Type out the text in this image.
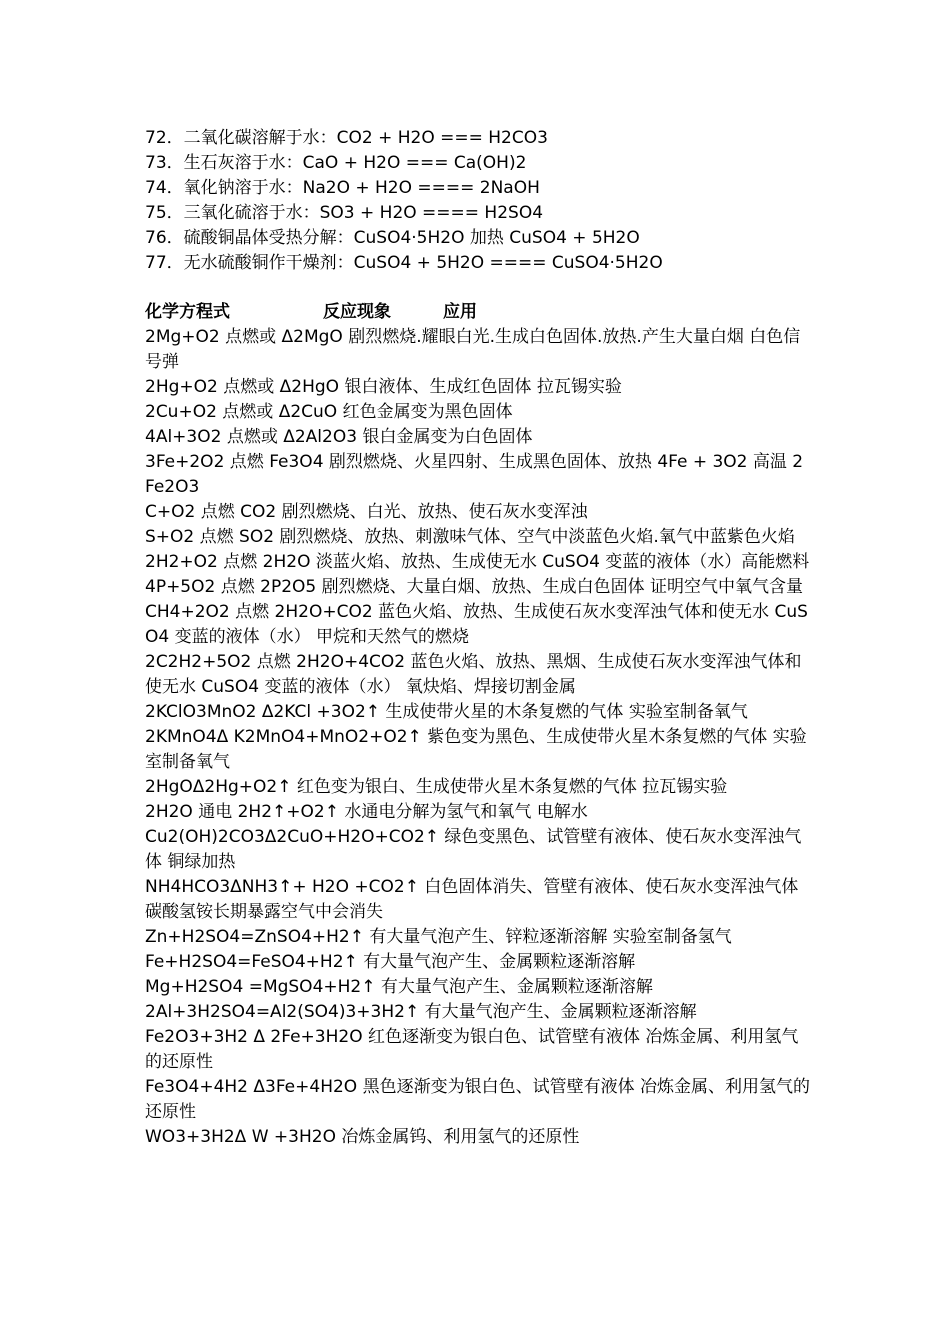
72．二氧化碳溶解于水：CO2 + H2O === H2CO3
73．生石灰溶于水：CaO + H2O === Ca(OH)2
74．氧化钠溶于水：Na2O + H2O ==== 2NaOH
75．三氧化硫溶于水：SO3 + H2O ==== H2SO4
76．硫酸铜晶体受热分解：CuSO4·5H2O 加热 CuSO4 + 5H2O
77．无水硫酸铜作干燥剂：CuSO4 + 5H2O ==== CuSO4·5H2O
化学方程式	反应现象	应用
2Mg+O2 点燃或 Δ2MgO 剧烈燃烧.耀眼白光.生成白色固体.放热.产生大量白烟 白色信号弹
2Hg+O2 点燃或 Δ2HgO 银白液体、生成红色固体 拉瓦锡实验
2Cu+O2 点燃或 Δ2CuO 红色金属变为黑色固体
4Al+3O2 点燃或 Δ2Al2O3 银白金属变为白色固体
3Fe+2O2 点燃 Fe3O4 剧烈燃烧、火星四射、生成黑色固体、放热 4Fe + 3O2 高温 2Fe2O3
C+O2 点燃 CO2 剧烈燃烧、白光、放热、使石灰水变浑浊
S+O2 点燃 SO2 剧烈燃烧、放热、刺激味气体、空气中淡蓝色火焰.氧气中蓝紫色火焰
2H2+O2 点燃 2H2O 淡蓝火焰、放热、生成使无水 CuSO4 变蓝的液体（水）高能燃料
4P+5O2 点燃 2P2O5 剧烈燃烧、大量白烟、放热、生成白色固体 证明空气中氧气含量
CH4+2O2 点燃 2H2O+CO2 蓝色火焰、放热、生成使石灰水变浑浊气体和使无水 CuSO4 变蓝的液体（水） 甲烷和天然气的燃烧
2C2H2+5O2 点燃 2H2O+4CO2 蓝色火焰、放热、黑烟、生成使石灰水变浑浊气体和使无水 CuSO4 变蓝的液体（水） 氧炔焰、焊接切割金属
2KClO3MnO2 Δ2KCl +3O2↑ 生成使带火星的木条复燃的气体 实验室制备氧气
2KMnO4Δ K2MnO4+MnO2+O2↑ 紫色变为黑色、生成使带火星木条复燃的气体 实验室制备氧气
2HgOΔ2Hg+O2↑ 红色变为银白、生成使带火星木条复燃的气体 拉瓦锡实验
2H2O 通电 2H2↑+O2↑ 水通电分解为氢气和氧气 电解水
Cu2(OH)2CO3Δ2CuO+H2O+CO2↑ 绿色变黑色、试管壁有液体、使石灰水变浑浊气体 铜绿加热
NH4HCO3ΔNH3↑+ H2O +CO2↑ 白色固体消失、管壁有液体、使石灰水变浑浊气体 碳酸氢铵长期暴露空气中会消失
Zn+H2SO4=ZnSO4+H2↑ 有大量气泡产生、锌粒逐渐溶解 实验室制备氢气
Fe+H2SO4=FeSO4+H2↑ 有大量气泡产生、金属颗粒逐渐溶解
Mg+H2SO4 =MgSO4+H2↑ 有大量气泡产生、金属颗粒逐渐溶解
2Al+3H2SO4=Al2(SO4)3+3H2↑ 有大量气泡产生、金属颗粒逐渐溶解
Fe2O3+3H2 Δ 2Fe+3H2O 红色逐渐变为银白色、试管壁有液体 冶炼金属、利用氢气的还原性
Fe3O4+4H2 Δ3Fe+4H2O 黑色逐渐变为银白色、试管壁有液体 冶炼金属、利用氢气的还原性
WO3+3H2Δ W +3H2O 冶炼金属钨、利用氢气的还原性
